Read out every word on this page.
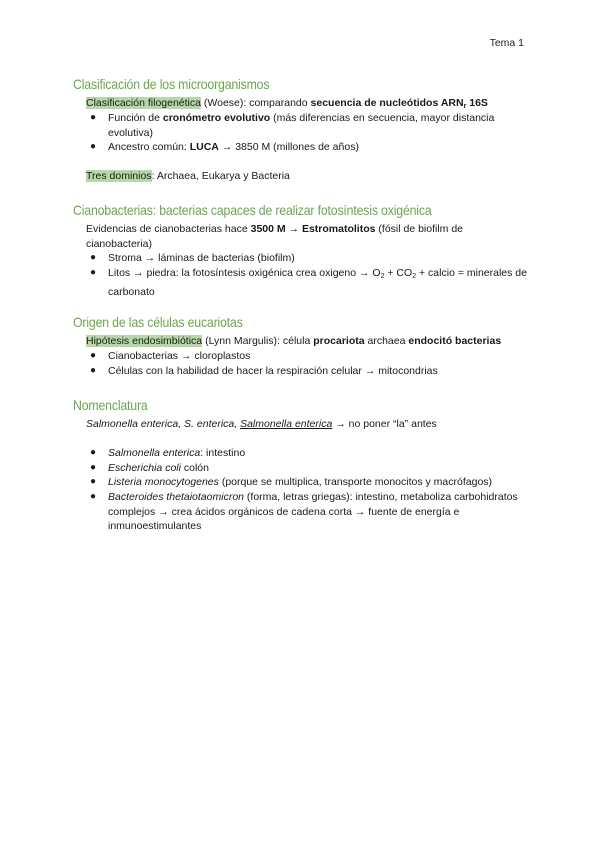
Tema 1
Clasificación de los microorganismos
Clasificación filogenética (Woese): comparando secuencia de nucleótidos $ARN_r$ 16S
●	Función de cronómetro evolutivo (más diferencias en secuencia, mayor distancia evolutiva)
●	Ancestro común: LUCA → 3850 M (millones de años)
Tres dominios: Archaea, Eukarya y Bacteria
Cianobacterias: bacterias capaces de realizar fotosíntesis oxigénica
Evidencias de cianobacterias hace 3500 M → Estromatolitos (fósil de biofilm de cianobacteria)
●	Stroma → láminas de bacterias (biofilm)
●	Litos → piedra: la fotosíntesis oxigénica crea oxigeno → $O_2 + CO_2$ + calcio = minerales de carbonato
Origen de las células eucariotas
Hipótesis endosimbiótica (Lynn Margulis): célula procariota archaea endocitó bacterias
●	Cianobacterias → cloroplastos
●	Células con la habilidad de hacer la respiración celular → mitocondrias
Nomenclatura
Salmonella enterica, S. enterica, Salmonella enterica → no poner “la” antes
●	Salmonella enterica: intestino
●	Escherichia coli colón
●	Listeria monocytogenes (porque se multiplica, transporte monocitos y macrófagos)
●	Bacteroides thetaiotaomicron (forma, letras griegas): intestino, metaboliza carbohidratos complejos → crea ácidos orgánicos de cadena corta → fuente de energía e inmunoestimulantes
